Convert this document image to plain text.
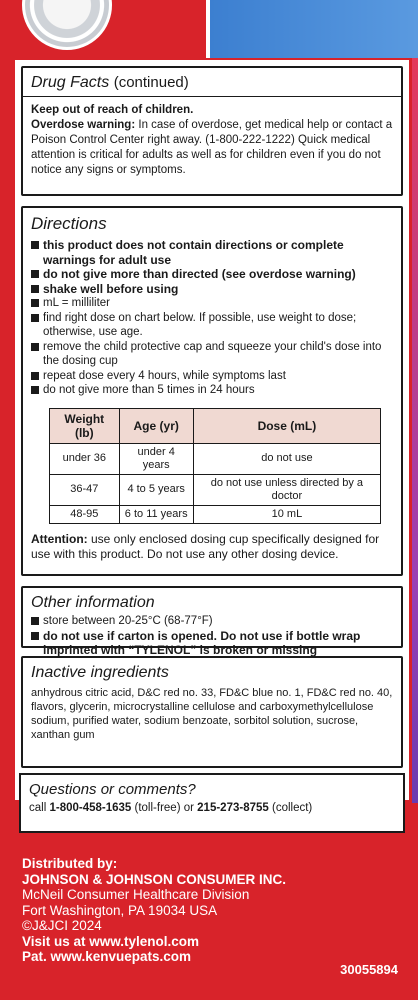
Drug Facts (continued)

Keep out of reach of children.

Overdose warning: In case of overdose, get medical help or contact a Poison Control Center right away. (1-800-222-1222) Quick medical attention is critical for adults as well as for children even if you do not notice any signs or symptoms.

Directions
this product does not contain directions or complete warnings for adult use
do not give more than directed (see overdose warning)
shake well before using
mL = milliliter
find right dose on chart below. If possible, use weight to dose; otherwise, use age.
remove the child protective cap and squeeze your child's dose into the dosing cup
repeat dose every 4 hours, while symptoms last
do not give more than 5 times in 24 hours
Weight (lb)	Age (yr)	Dose (mL)
under 36	under 4 years	do not use
36-47	4 to 5 years	do not use unless directed by a doctor
48-95	6 to 11 years	10 mL

Attention: use only enclosed dosing cup specifically designed for use with this product. Do not use any other dosing device.

Other information
store between 20-25°C (68-77°F)
do not use if carton is opened. Do not use if bottle wrap imprinted with “TYLENOL” is broken or missing
Inactive ingredients

anhydrous citric acid, D&C red no. 33, FD&C blue no. 1, FD&C red no. 40, flavors, glycerin, microcrystalline cellulose and carboxymethylcellulose sodium, purified water, sodium benzoate, sorbitol solution, sucrose, xanthan gum

Questions or comments?

call 1-800-458-1635 (toll-free) or 215-273-8755 (collect)

Distributed by:
JOHNSON & JOHNSON CONSUMER INC.
McNeil Consumer Healthcare Division
Fort Washington, PA 19034 USA
©J&JCI 2024
Visit us at www.tylenol.com
Pat. www.kenvuepats.com
30055894
